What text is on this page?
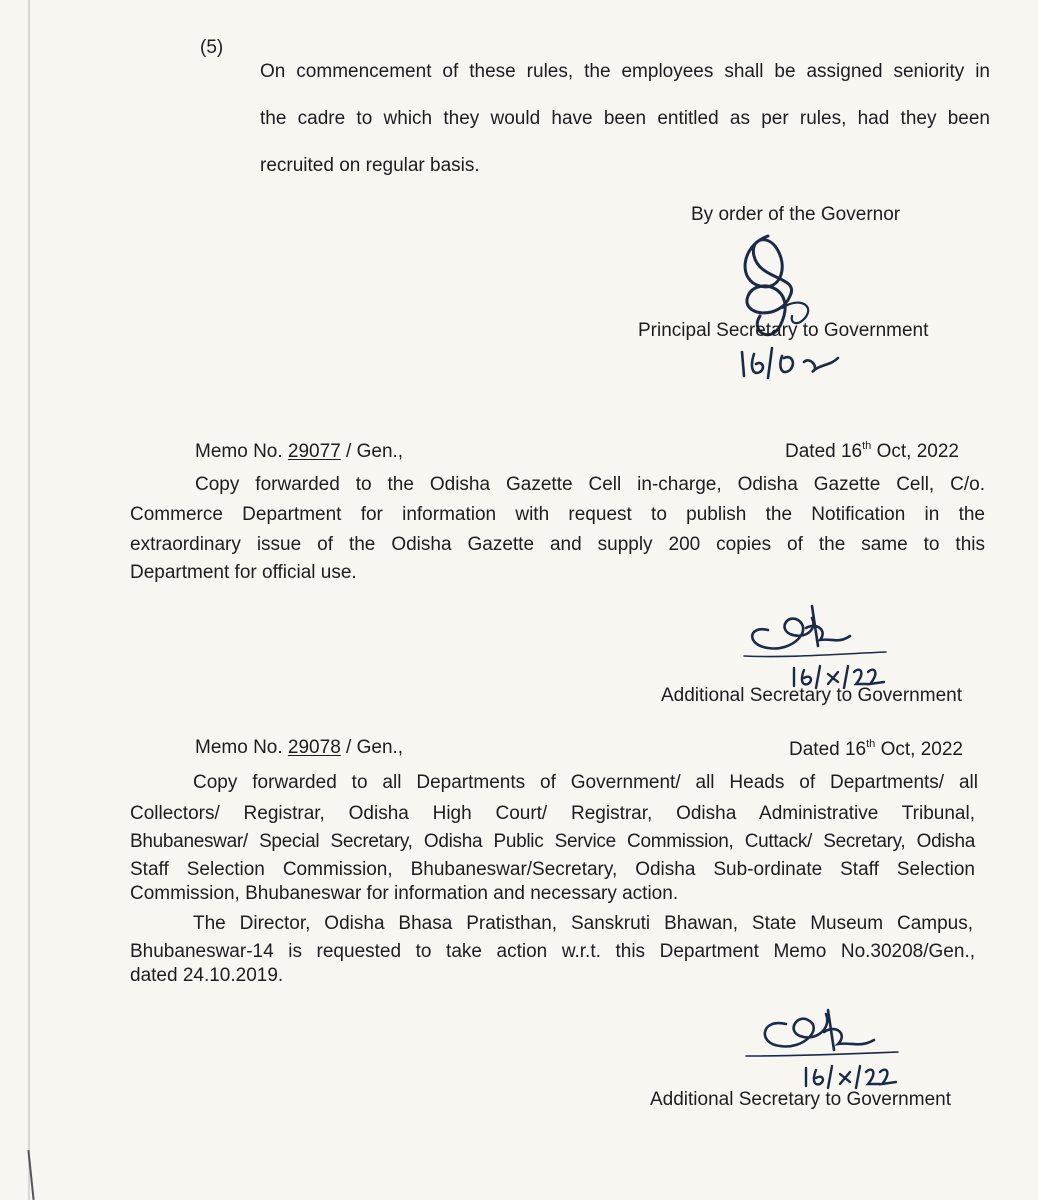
(5)
On commencement of these rules, the employees shall be assigned seniority in
the cadre to which they would have been entitled as per rules, had they been
recruited on regular basis.
By order of the Governor
Principal Secretary to Government
Memo No. 29077 / Gen.,	Dated 16th Oct, 2022
Copy forwarded to the Odisha Gazette Cell in-charge, Odisha Gazette Cell, C/o.
Commerce Department for information with request to publish the Notification in the
extraordinary issue of the Odisha Gazette and supply 200 copies of the same to this
Department for official use.
Additional Secretary to Government
Memo No. 29078 / Gen.,	Dated 16th Oct, 2022
Copy forwarded to all Departments of Government/ all Heads of Departments/ all
Collectors/ Registrar, Odisha High Court/ Registrar, Odisha Administrative Tribunal,
Bhubaneswar/ Special Secretary, Odisha Public Service Commission, Cuttack/ Secretary, Odisha
Staff Selection Commission, Bhubaneswar/Secretary, Odisha Sub-ordinate Staff Selection
Commission, Bhubaneswar for information and necessary action.
The Director, Odisha Bhasa Pratisthan, Sanskruti Bhawan, State Museum Campus,
Bhubaneswar-14 is requested to take action w.r.t. this Department Memo No.30208/Gen.,
dated 24.10.2019.
Additional Secretary to Government
